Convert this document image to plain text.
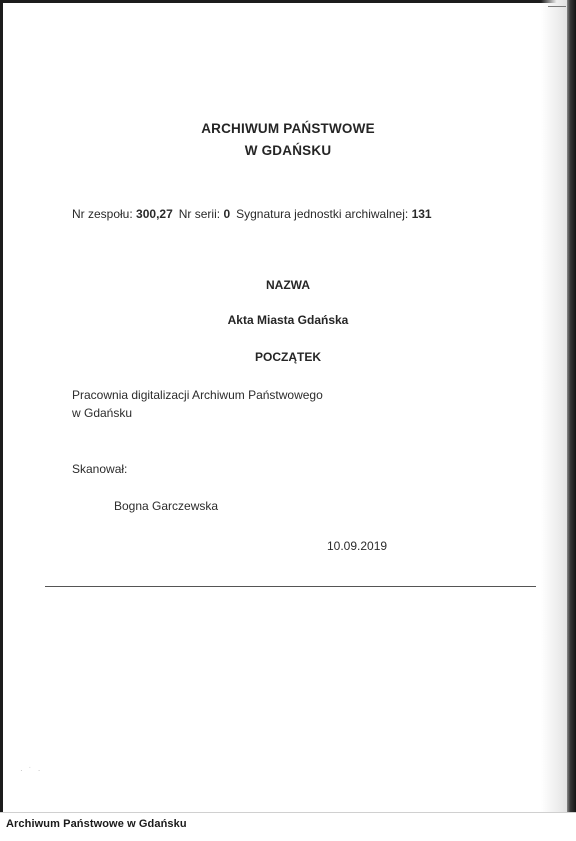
ARCHIWUM PAŃSTWOWE
W GDAŃSKU
Nr zespołu: 300,27 Nr serii: 0 Sygnatura jednostki archiwalnej: 131
NAZWA
Akta Miasta Gdańska
POCZĄTEK
Pracownia digitalizacji Archiwum Państwowego
w Gdańsku
Skanował:
Bogna Garczewska
10.09.2019
· ˙ ·
Archiwum Państwowe w Gdańsku
